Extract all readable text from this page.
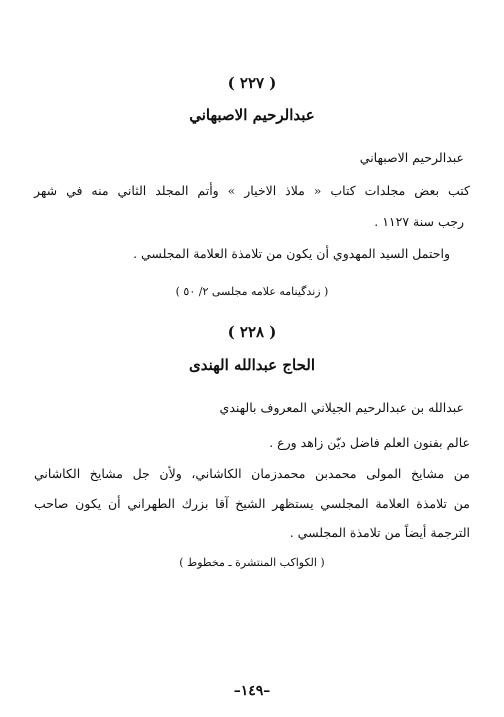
( ٢٢٧ )
عبدالرحيم الاصبهاني
عبدالرحيم الاصبهاني
كتب بعض مجلدات كتاب « ملاذ الاخيار » وأتم المجلد الثاني منه في شهر
رجب سنة ١١٢٧ .
واحتمل السيد المهدوي أن يكون من تلامذة العلامة المجلسي .
( زندگينامه علامه مجلسی ٢/ ٥٠ )
( ٢٢٨ )
الحاج عبدالله الهندى
عبدالله بن عبدالرحيم الجيلاني المعروف بالهندي
عالم بفنون العلم فاضل ديّن زاهد ورع .
من مشايخ المولى محمدبن محمدزمان الكاشاني، ولأن جل مشايخ الكاشاني
من تلامذة العلامة المجلسي يستظهر الشيخ آقا بزرك الطهراني أن يكون صاحب
الترجمة أيضاً من تلامذة المجلسي .
( الكواكب المنتشرة ـ مخطوط )
–١٤٩–
